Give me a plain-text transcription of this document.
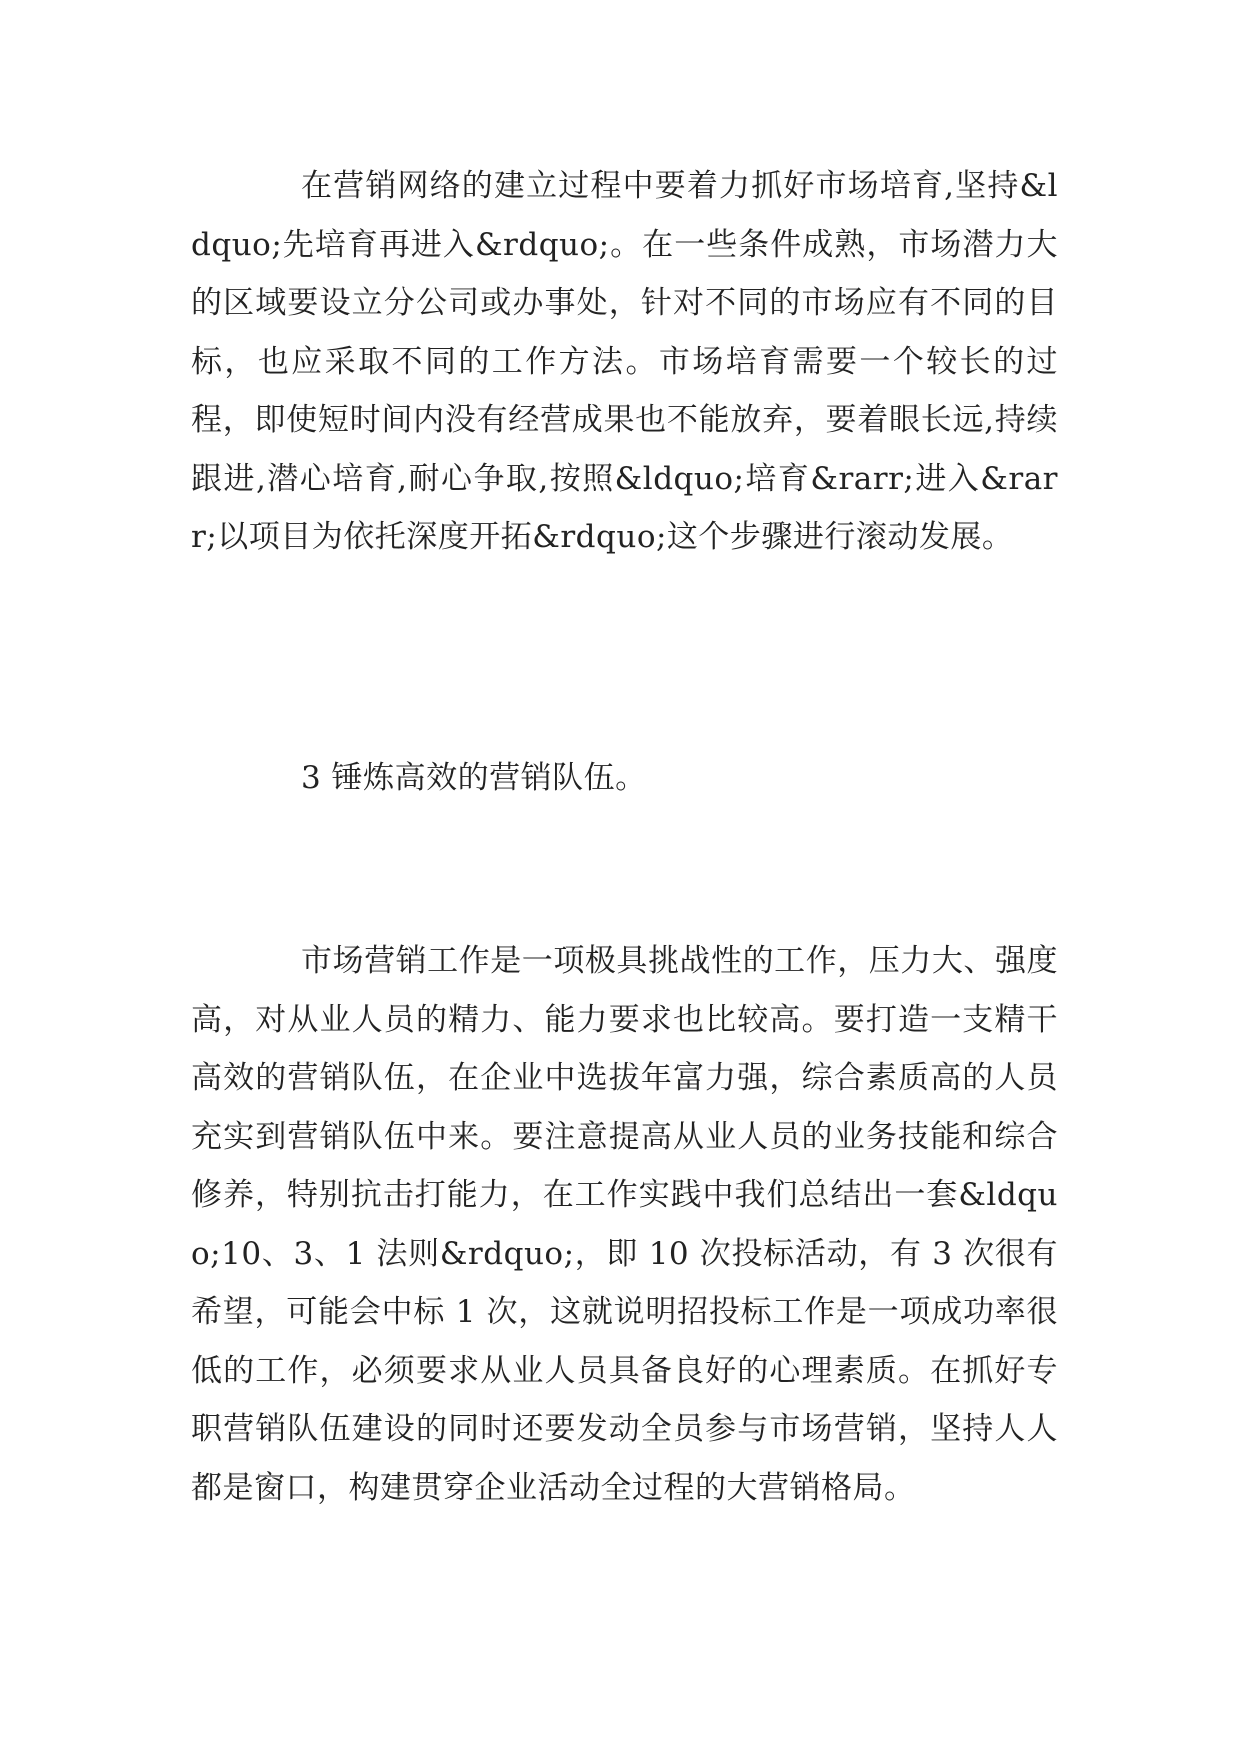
在营销网络的建立过程中要着力抓好市场培育,坚持&ldquo;先培育再进入&rdquo;。在一些条件成熟，市场潜力大的区域要设立分公司或办事处，针对不同的市场应有不同的目标，也应采取不同的工作方法。市场培育需要一个较长的过程，即使短时间内没有经营成果也不能放弃，要着眼长远,持续跟进,潜心培育,耐心争取,按照&ldquo;培育&rarr;进入&rarr;以项目为依托深度开拓&rdquo;这个步骤进行滚动发展。

3 锤炼高效的营销队伍。

市场营销工作是一项极具挑战性的工作，压力大、强度高，对从业人员的精力、能力要求也比较高。要打造一支精干高效的营销队伍，在企业中选拔年富力强，综合素质高的人员充实到营销队伍中来。要注意提高从业人员的业务技能和综合修养，特别抗击打能力，在工作实践中我们总结出一套&ldquo;10、3、1 法则&rdquo;，即 10 次投标活动，有 3 次很有希望，可能会中标 1 次，这就说明招投标工作是一项成功率很低的工作，必须要求从业人员具备良好的心理素质。在抓好专职营销队伍建设的同时还要发动全员参与市场营销，坚持人人都是窗口，构建贯穿企业活动全过程的大营销格局。
